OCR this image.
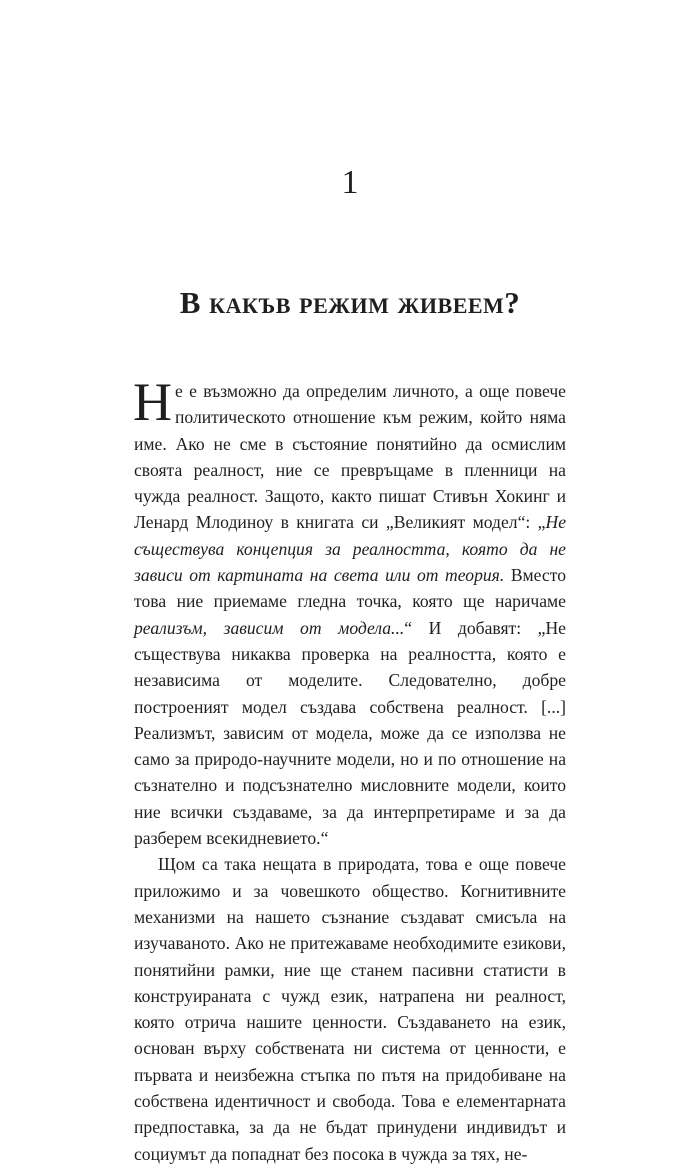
1
В какъв режим живеем?

Не е възможно да определим личното, а още повече политическото отношение към режим, който няма име. Ако не сме в състояние понятийно да осмислим своята реалност, ние се превръщаме в пленници на чужда реалност. Защото, както пишат Стивън Хокинг и Ленард Млодиноу в книгата си „Великият модел“: „Не съществува концепция за реалността, която да не зависи от картината на света или от теория. Вместо това ние приемаме гледна точка, която ще наричаме реализъм, зависим от модела...“ И добавят: „Не съществува никаква проверка на реалността, която е независима от моделите. Следователно, добре построеният модел създава собствена реалност. [...] Реализмът, зависим от модела, може да се използва не само за природо-научните модели, но и по отношение на съзнателно и подсъзнателно мисловните модели, които ние всички създаваме, за да интерпретираме и за да разберем всекидневието.“

Щом са така нещата в природата, това е още повече приложимо и за човешкото общество. Когнитивните механизми на нашето съзнание създават смисъла на изучаваното. Ако не притежаваме необходимите езикови, понятийни рамки, ние ще станем пасивни статисти в конструираната с чужд език, натрапена ни реалност, която отрича нашите ценности. Създаването на език, основан върху собствената ни система от ценности, е първата и неизбежна стъпка по пътя на придобиване на собствена идентичност и свобода. Това е елементарната предпоставка, за да не бъдат принудени индивидът и социумът да попаднат без посока в чужда за тях, не-
